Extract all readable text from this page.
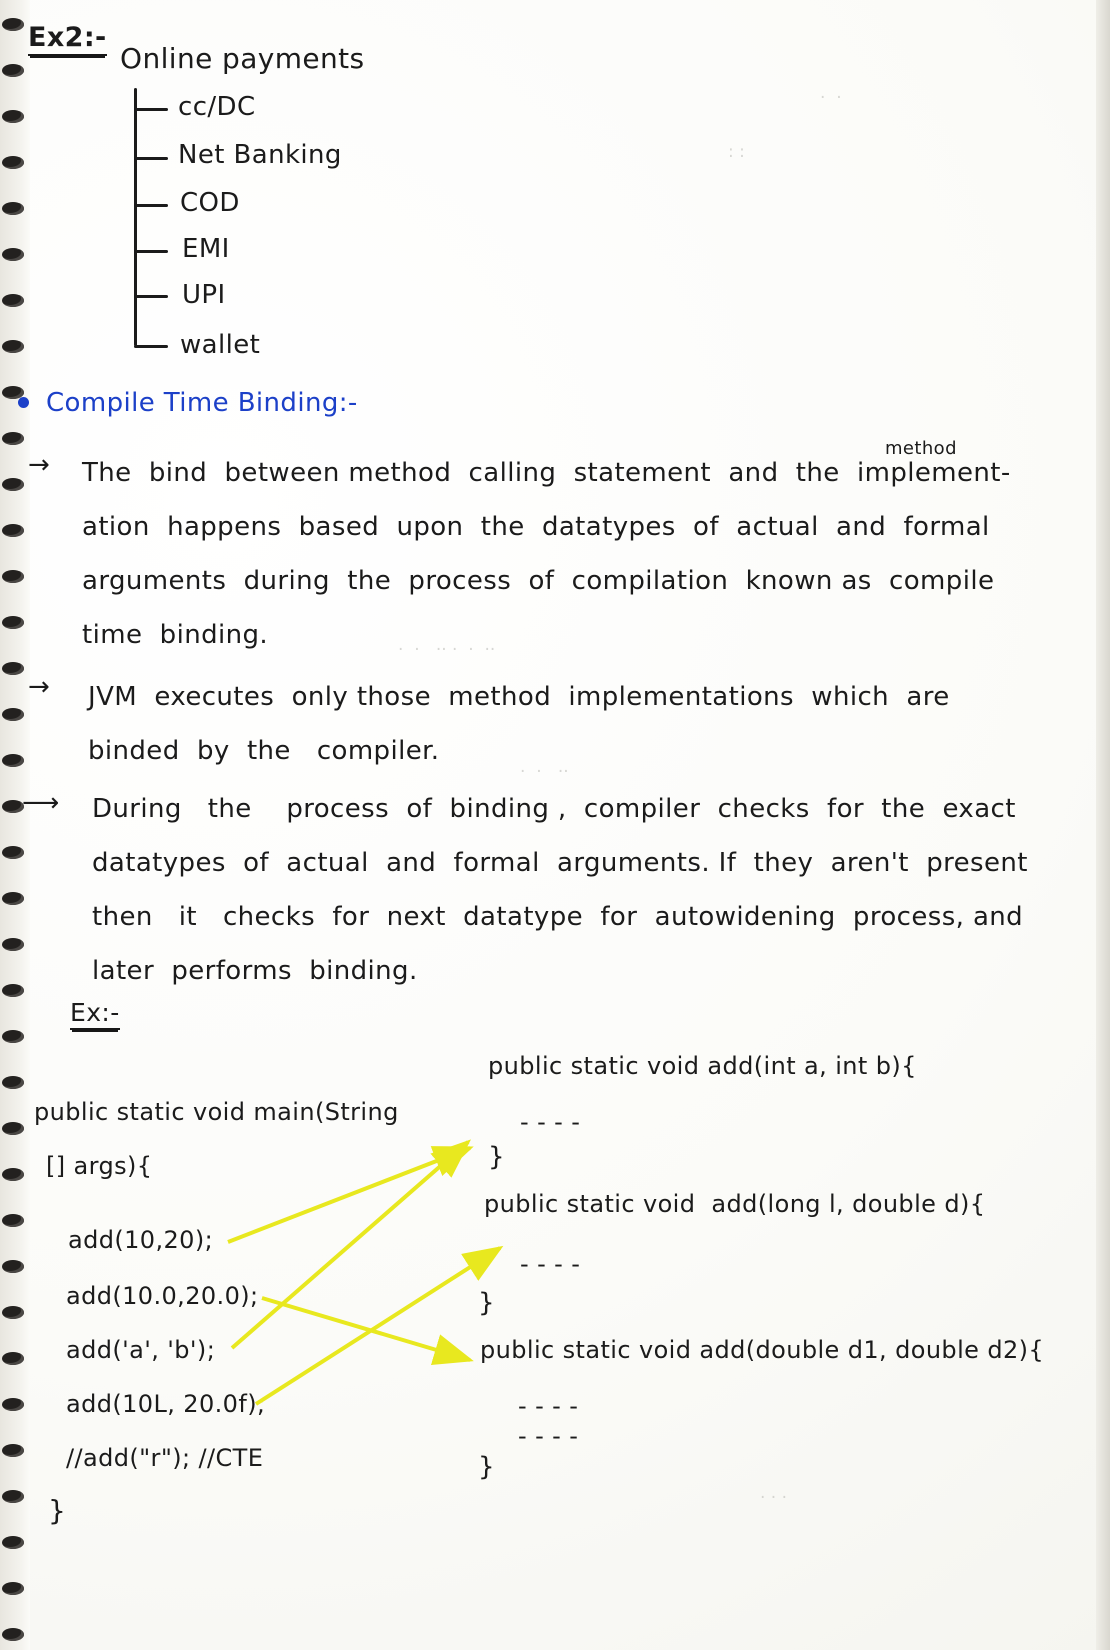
Ex2:-
Online payments
cc/DC
Net Banking
COD
EMI
UPI
wallet
Compile Time Binding:-
→
method
The  bind  between method  calling  statement  and  the  implement-
ation  happens  based  upon  the  datatypes  of  actual  and  formal
arguments  during  the  process  of  compilation  known as  compile
time  binding.
→ JVM  executes  only those  method  implementations  which  are
binded  by  the   compiler.
⟶ During   the    process  of  binding ,  compiler  checks  for  the  exact
datatypes  of  actual  and  formal  arguments. If  they  aren't  present
then   it   checks  for  next  datatype  for  autowidening  process, and
later  performs  binding.
Ex:-
public static void add(int a, int b){
- - - -
}
public static void  add(long l, double d){
- - - -
}
public static void add(double d1, double d2){
- - - -
- - - -
}
public static void main(String
[] args){
add(10,20);
add(10.0,20.0);
add('a', 'b');
add(10L, 20.0f);
//add("r"); //CTE
}
·  ·
: :
·  ·   ·· ·  ·  ··
·  ·   ··
· · ·
